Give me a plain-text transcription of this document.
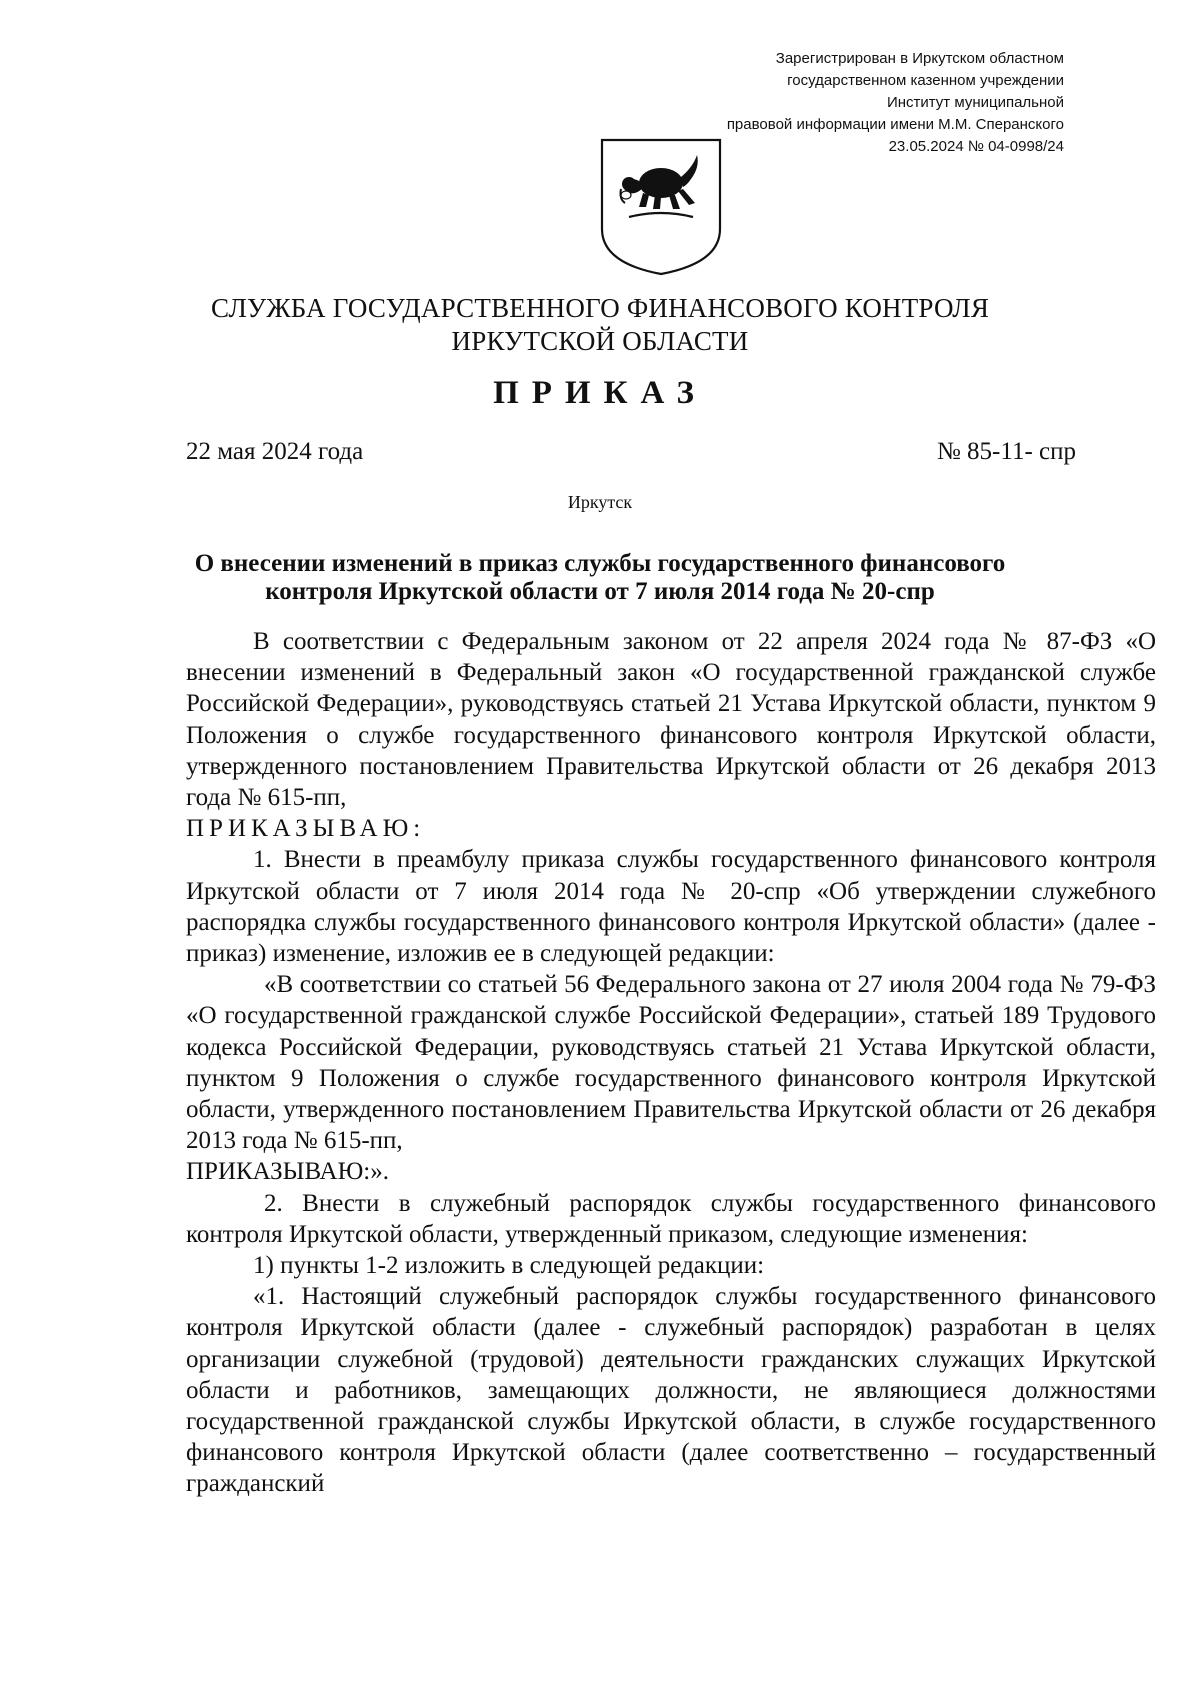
Зарегистрирован в Иркутском областном
государственном казенном учреждении
Институт муниципальной
правовой информации имени М.М. Сперанского
23.05.2024 № 04-0998/24
СЛУЖБА ГОСУДАРСТВЕННОГО ФИНАНСОВОГО КОНТРОЛЯ
ИРКУТСКОЙ ОБЛАСТИ
ПРИКАЗ
22 мая 2024 года	№ 85-11- спр
Иркутск
О внесении изменений в приказ службы государственного финансового
контроля Иркутской области от 7 июля 2014 года № 20-спр

В соответствии с Федеральным законом от 22 апреля 2024 года № 87-ФЗ «О внесении изменений в Федеральный закон «О государственной гражданской службе Российской Федерации», руководствуясь статьей 21 Устава Иркутской области, пунктом 9 Положения о службе государственного финансового контроля Иркутской области, утвержденного постановлением Правительства Иркутской области от 26 декабря 2013 года № 615-пп,

ПРИКАЗЫВАЮ:

1. Внести в преамбулу приказа службы государственного финансового контроля Иркутской области от 7 июля 2014 года № 20-спр «Об утверждении служебного распорядка службы государственного финансового контроля Иркутской области» (далее - приказ) изменение, изложив ее в следующей редакции:

«В соответствии со статьей 56 Федерального закона от 27 июля 2004 года № 79-ФЗ «О государственной гражданской службе Российской Федерации», статьей 189 Трудового кодекса Российской Федерации, руководствуясь статьей 21 Устава Иркутской области, пунктом 9 Положения о службе государственного финансового контроля Иркутской области, утвержденного постановлением Правительства Иркутской области от 26 декабря 2013 года № 615-пп,

ПРИКАЗЫВАЮ:».

2. Внести в служебный распорядок службы государственного финансового контроля Иркутской области, утвержденный приказом, следующие изменения:

1) пункты 1-2 изложить в следующей редакции:

«1. Настоящий служебный распорядок службы государственного финансового контроля Иркутской области (далее - служебный распорядок) разработан в целях организации служебной (трудовой) деятельности гражданских служащих Иркутской области и работников, замещающих должности, не являющиеся должностями государственной гражданской службы Иркутской области, в службе государственного финансового контроля Иркутской области (далее соответственно – государственный гражданский
